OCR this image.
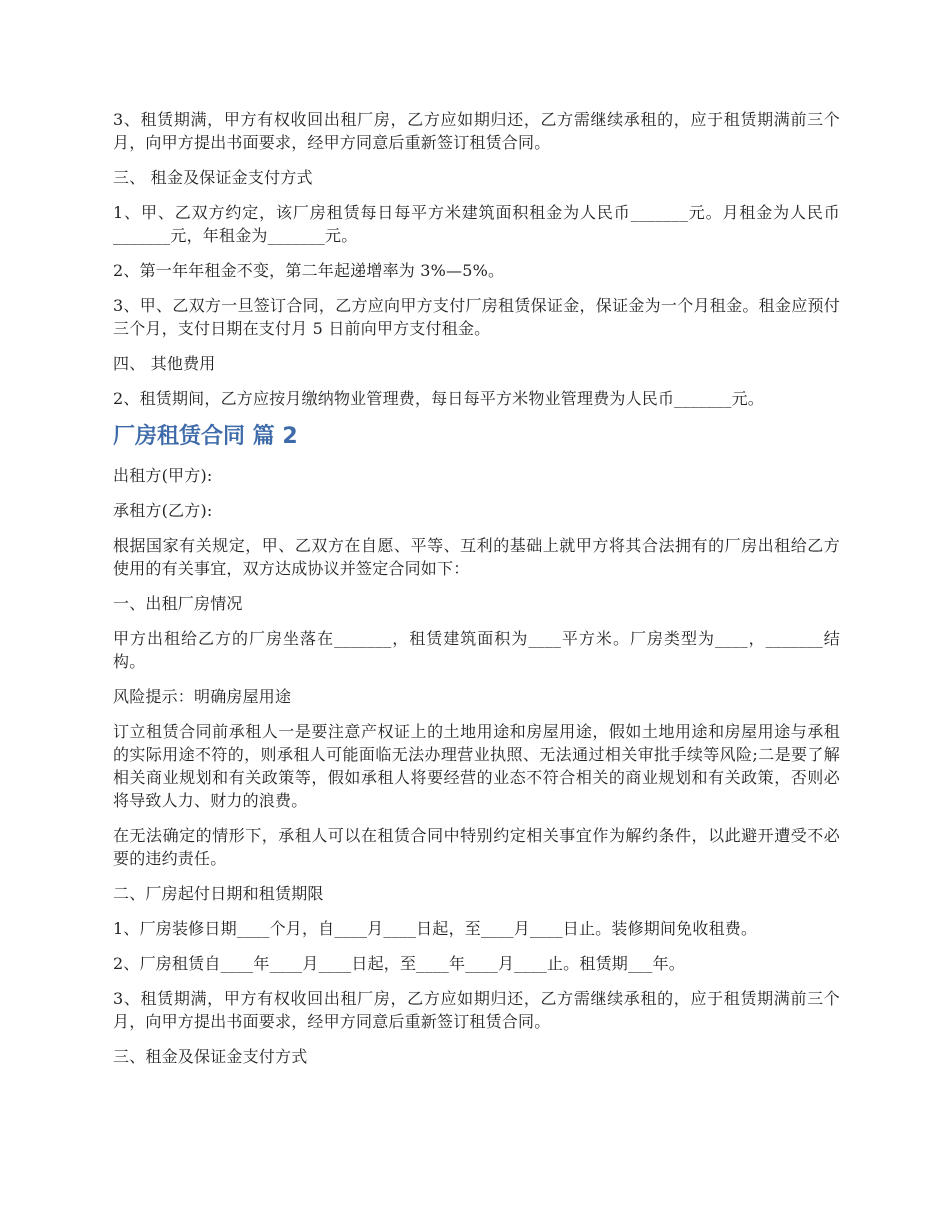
3、租赁期满，甲方有权收回出租厂房，乙方应如期归还，乙方需继续承租的，应于租赁期满前三个月，向甲方提出书面要求，经甲方同意后重新签订租赁合同。

三、 租金及保证金支付方式

1、甲、乙双方约定，该厂房租赁每日每平方米建筑面积租金为人民币_______元。月租金为人民币_______元，年租金为_______元。

2、第一年年租金不变，第二年起递增率为 3%—5%。

3、甲、乙双方一旦签订合同，乙方应向甲方支付厂房租赁保证金，保证金为一个月租金。租金应预付三个月，支付日期在支付月 5 日前向甲方支付租金。

四、 其他费用

2、租赁期间，乙方应按月缴纳物业管理费，每日每平方米物业管理费为人民币_______元。

厂房租赁合同 篇 2

出租方(甲方):

承租方(乙方):

根据国家有关规定，甲、乙双方在自愿、平等、互利的基础上就甲方将其合法拥有的厂房出租给乙方使用的有关事宜，双方达成协议并签定合同如下：

一、出租厂房情况

甲方出租给乙方的厂房坐落在_______，租赁建筑面积为____平方米。厂房类型为____，_______结构。

风险提示：明确房屋用途

订立租赁合同前承租人一是要注意产权证上的土地用途和房屋用途，假如土地用途和房屋用途与承租的实际用途不符的，则承租人可能面临无法办理营业执照、无法通过相关审批手续等风险;二是要了解相关商业规划和有关政策等，假如承租人将要经营的业态不符合相关的商业规划和有关政策，否则必将导致人力、财力的浪费。

在无法确定的情形下，承租人可以在租赁合同中特别约定相关事宜作为解约条件，以此避开遭受不必要的违约责任。

二、厂房起付日期和租赁期限

1、厂房装修日期____个月，自____月____日起，至____月____日止。装修期间免收租费。

2、厂房租赁自____年____月____日起，至____年____月____止。租赁期___年。

3、租赁期满，甲方有权收回出租厂房，乙方应如期归还，乙方需继续承租的，应于租赁期满前三个月，向甲方提出书面要求，经甲方同意后重新签订租赁合同。

三、租金及保证金支付方式
